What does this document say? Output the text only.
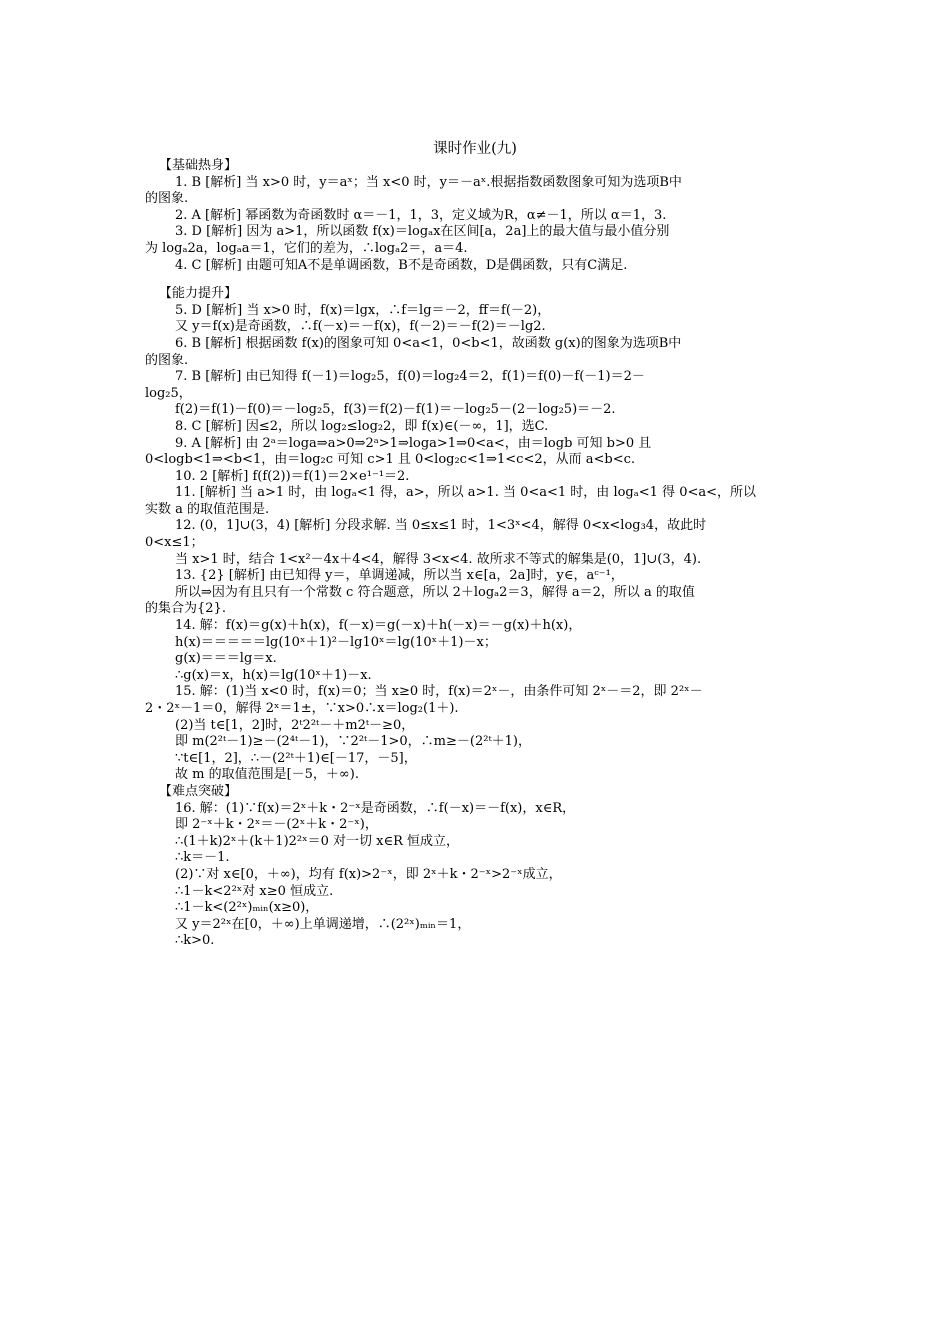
课时作业(九)
【基础热身】
1. B [解析] 当 x>0 时，y＝aˣ；当 x<0 时，y＝－aˣ.根据指数函数图象可知为选项B中
的图象.
2. A [解析] 幂函数为奇函数时 α＝－1，1，3，定义域为R，α≠－1，所以 α＝1，3.
3. D [解析] 因为 a>1，所以函数 f(x)＝logₐx在区间[a，2a]上的最大值与最小值分别
为 logₐ2a，logₐa＝1，它们的差为，∴logₐ2＝，a＝4.
4. C [解析] 由题可知A不是单调函数，B不是奇函数，D是偶函数，只有C满足.
【能力提升】
5. D [解析] 当 x>0 时，f(x)＝lgx，∴f＝lg＝－2，ff＝f(－2)，
又 y＝f(x)是奇函数，∴f(－x)＝－f(x)，f(－2)＝－f(2)＝－lg2.
6. B [解析] 根据函数 f(x)的图象可知 0<a<1，0<b<1，故函数 g(x)的图象为选项B中
的图象.
7. B [解析] 由已知得 f(－1)＝log₂5，f(0)＝log₂4＝2，f(1)＝f(0)－f(－1)＝2－
log₂5，
f(2)＝f(1)－f(0)＝－log₂5，f(3)＝f(2)－f(1)＝－log₂5－(2－log₂5)＝－2.
8. C [解析] 因≤2，所以 log₂≤log₂2，即 f(x)∈(－∞，1]，选C.
9. A [解析] 由 2ᵃ＝loga⇒a>0⇒2ᵃ>1⇒loga>1⇒0<a<，由＝logb 可知 b>0 且
0<logb<1⇒<b<1，由＝log₂c 可知 c>1 且 0<log₂c<1⇒1<c<2，从而 a<b<c.
10. 2 [解析] f(f(2))＝f(1)＝2×e¹⁻¹＝2.
11. [解析] 当 a>1 时，由 logₐ<1 得，a>，所以 a>1. 当 0<a<1 时，由 logₐ<1 得 0<a<，所以
实数 a 的取值范围是.
12. (0，1]∪(3，4) [解析] 分段求解. 当 0≤x≤1 时，1<3ˣ<4，解得 0<x<log₃4，故此时
0<x≤1；
当 x>1 时，结合 1<x²－4x＋4<4，解得 3<x<4. 故所求不等式的解集是(0，1]∪(3，4).
13. {2} [解析] 由已知得 y＝，单调递减，所以当 x∈[a，2a]时，y∈，aᶜ⁻¹，
所以⇒因为有且只有一个常数 c 符合题意，所以 2＋logₐ2＝3，解得 a＝2，所以 a 的取值
的集合为{2}.
14. 解：f(x)＝g(x)＋h(x)，f(－x)＝g(－x)＋h(－x)＝－g(x)＋h(x)，
h(x)＝＝＝＝＝lg(10ˣ＋1)²－lg10ˣ＝lg(10ˣ＋1)－x；
g(x)＝＝＝lg＝x.
∴g(x)＝x，h(x)＝lg(10ˣ＋1)－x.
15. 解：(1)当 x<0 时，f(x)＝0；当 x≥0 时，f(x)＝2ˣ－，由条件可知 2ˣ－＝2，即 2²ˣ－
2・2ˣ－1＝0，解得 2ˣ＝1±，∵x>0∴x＝log₂(1＋).
(2)当 t∈[1，2]时，2ᵗ2²ᵗ－＋m2ᵗ－≥0，
即 m(2²ᵗ－1)≥－(2⁴ᵗ－1)，∵2²ᵗ－1>0，∴m≥－(2²ᵗ＋1)，
∵t∈[1，2]，∴－(2²ᵗ＋1)∈[－17，－5]，
故 m 的取值范围是[－5，＋∞).
【难点突破】
16. 解：(1)∵f(x)＝2ˣ＋k・2⁻ˣ是奇函数，∴f(－x)＝－f(x)，x∈R，
即 2⁻ˣ＋k・2ˣ＝－(2ˣ＋k・2⁻ˣ)，
∴(1＋k)2ˣ＋(k＋1)2²ˣ＝0 对一切 x∈R 恒成立，
∴k＝－1.
(2)∵对 x∈[0，＋∞)，均有 f(x)>2⁻ˣ，即 2ˣ＋k・2⁻ˣ>2⁻ˣ成立，
∴1－k<2²ˣ对 x≥0 恒成立.
∴1－k<(2²ˣ)ₘᵢₙ(x≥0)，
又 y＝2²ˣ在[0，＋∞)上单调递增，∴(2²ˣ)ₘᵢₙ＝1，
∴k>0.
